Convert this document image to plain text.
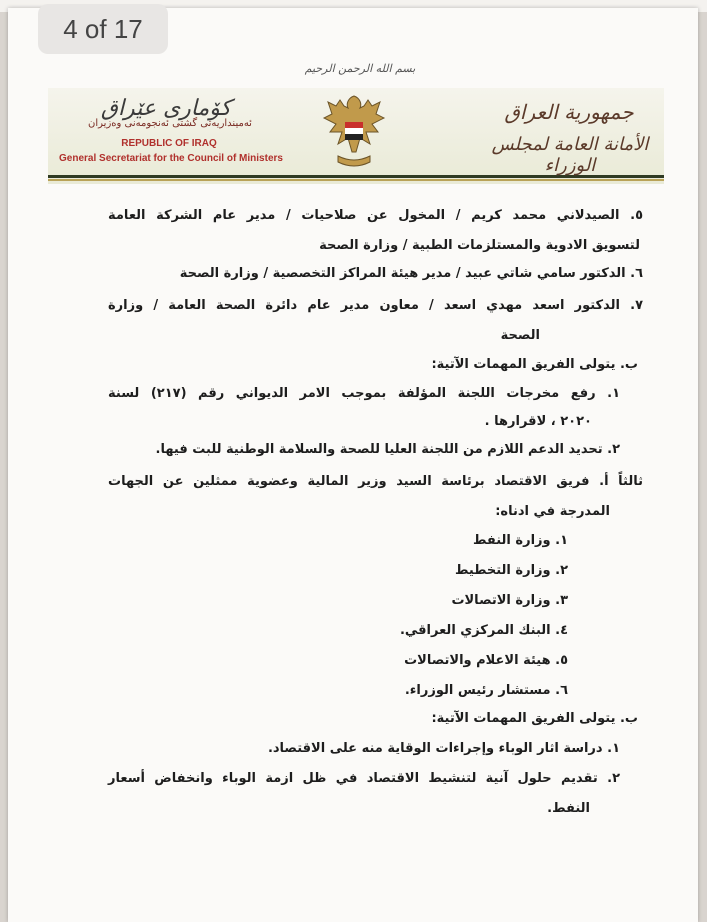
4 of 17
بسم الله الرحمن الرحيم
کۆماری عێراق
ئه‌مینداریه‌تی گشتی ئه‌نجومه‌نی وه‌زیران
REPUBLIC OF IRAQ
General Secretariat for the Council of Ministers
جمهورية العراق
الأمانة العامة لمجلس الوزراء
٥. الصيدلاني محمد كريم / المخول عن صلاحيات / مدير عام الشركة العامة
لتسويق الادوية والمستلزمات الطبية / وزارة الصحة
٦. الدكتور سامي شاتي عبيد / مدير هيئة المراكز التخصصية / وزارة الصحة
٧. الدكتور اسعد مهدي اسعد / معاون مدير عام دائرة الصحة العامة / وزارة
الصحة
ب. يتولى الفريق المهمات الآتية:
١. رفع مخرجات اللجنة المؤلفة بموجب الامر الديواني رقم (٢١٧) لسنة
٢٠٢٠ ، لاقرارها .
٢. تحديد الدعم اللازم من اللجنة العليا للصحة والسلامة الوطنية للبت فيها.
ثالثاً أ. فريق الاقتصاد برئاسة السيد وزير المالية وعضوية ممثلين عن الجهات
المدرجة في ادناه:
١. وزارة النفط
٢. وزارة التخطيط
٣. وزارة الاتصالات
٤. البنك المركزي العراقي.
٥. هيئة الاعلام والاتصالات
٦. مستشار رئيس الوزراء.
ب. يتولى الفريق المهمات الآتية:
١. دراسة اثار الوباء وإجراءات الوقاية منه على الاقتصاد.
٢. تقديم حلول آنية لتنشيط الاقتصاد في ظل ازمة الوباء وانخفاض أسعار
النفط.
